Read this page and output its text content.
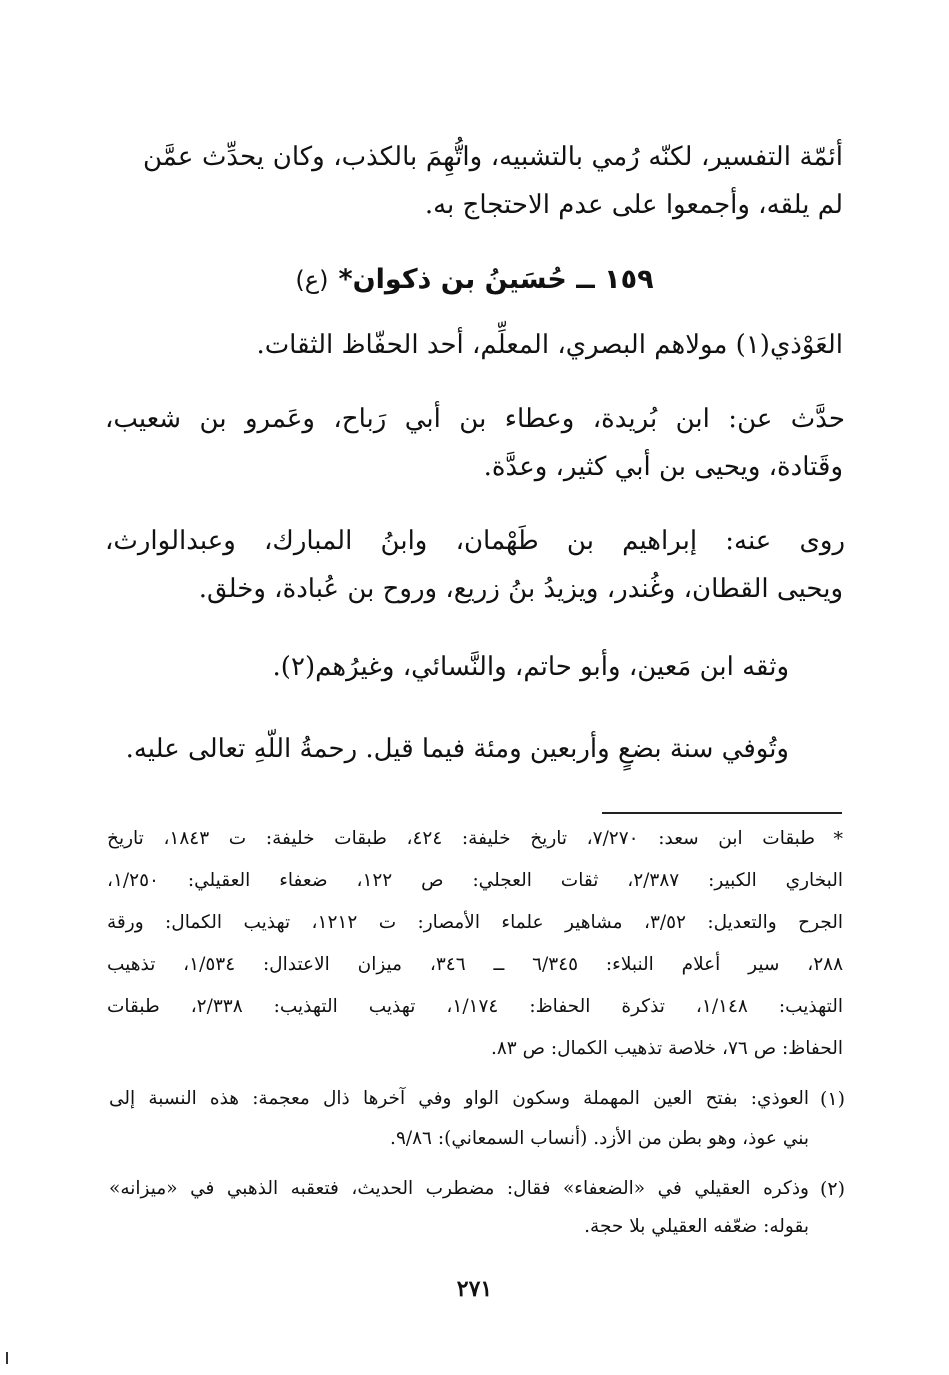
أئمّة التفسير، لكنّه رُمي بالتشبيه، واتُّهِمَ بالكذب، وكان يحدِّث عمَّن
لم يلقه، وأجمعوا على عدم الاحتجاج به.
١٥٩ ــ حُسَينُ بن ذكوان*(ع)
العَوْذي(١) مولاهم البصري، المعلِّم، أحد الحفّاظ الثقات.
حدَّث عن: ابن بُريدة، وعطاء بن أبي رَباح، وعَمرو بن شعيب،
وقَتادة، ويحيى بن أبي كثير، وعدَّة.
روى عنه: إبراهيم بن طَهْمان، وابنُ المبارك، وعبدالوارث،
ويحيى القطان، وغُندر، ويزيدُ بنُ زريع، وروح بن عُبادة، وخلق.
وثقه ابن مَعين، وأبو حاتم، والنَّسائي، وغيرُهم(٢).
وتُوفي سنة بضعٍ وأربعين ومئة فيما قيل. رحمةُ اللّهِ تعالى عليه.
*
طبقات ابن سعد: ٧/٢٧٠، تاريخ خليفة: ٤٢٤، طبقات خليفة: ت ١٨٤٣، تاريخ
البخاري الكبير: ٢/٣٨٧، ثقات العجلي: ص ١٢٢، ضعفاء العقيلي: ١/٢٥٠،
الجرح والتعديل: ٣/٥٢، مشاهير علماء الأمصار: ت ١٢١٢، تهذيب الكمال: ورقة
٢٨٨، سير أعلام النبلاء: ٦/٣٤٥ ــ ٣٤٦، ميزان الاعتدال: ١/٥٣٤، تذهيب
التهذيب: ١/١٤٨، تذكرة الحفاظ: ١/١٧٤، تهذيب التهذيب: ٢/٣٣٨، طبقات
الحفاظ: ص ٧٦، خلاصة تذهيب الكمال: ص ٨٣.
(١)
العوذي: بفتح العين المهملة وسكون الواو وفي آخرها ذال معجمة: هذه النسبة إلى
بني عوذ، وهو بطن من الأزد. (أنساب السمعاني): ٩/٨٦.
(٢)
وذكره العقيلي في «الضعفاء» فقال: مضطرب الحديث، فتعقبه الذهبي في «ميزانه»
بقوله: ضعّفه العقيلي بلا حجة.
٢٧١
